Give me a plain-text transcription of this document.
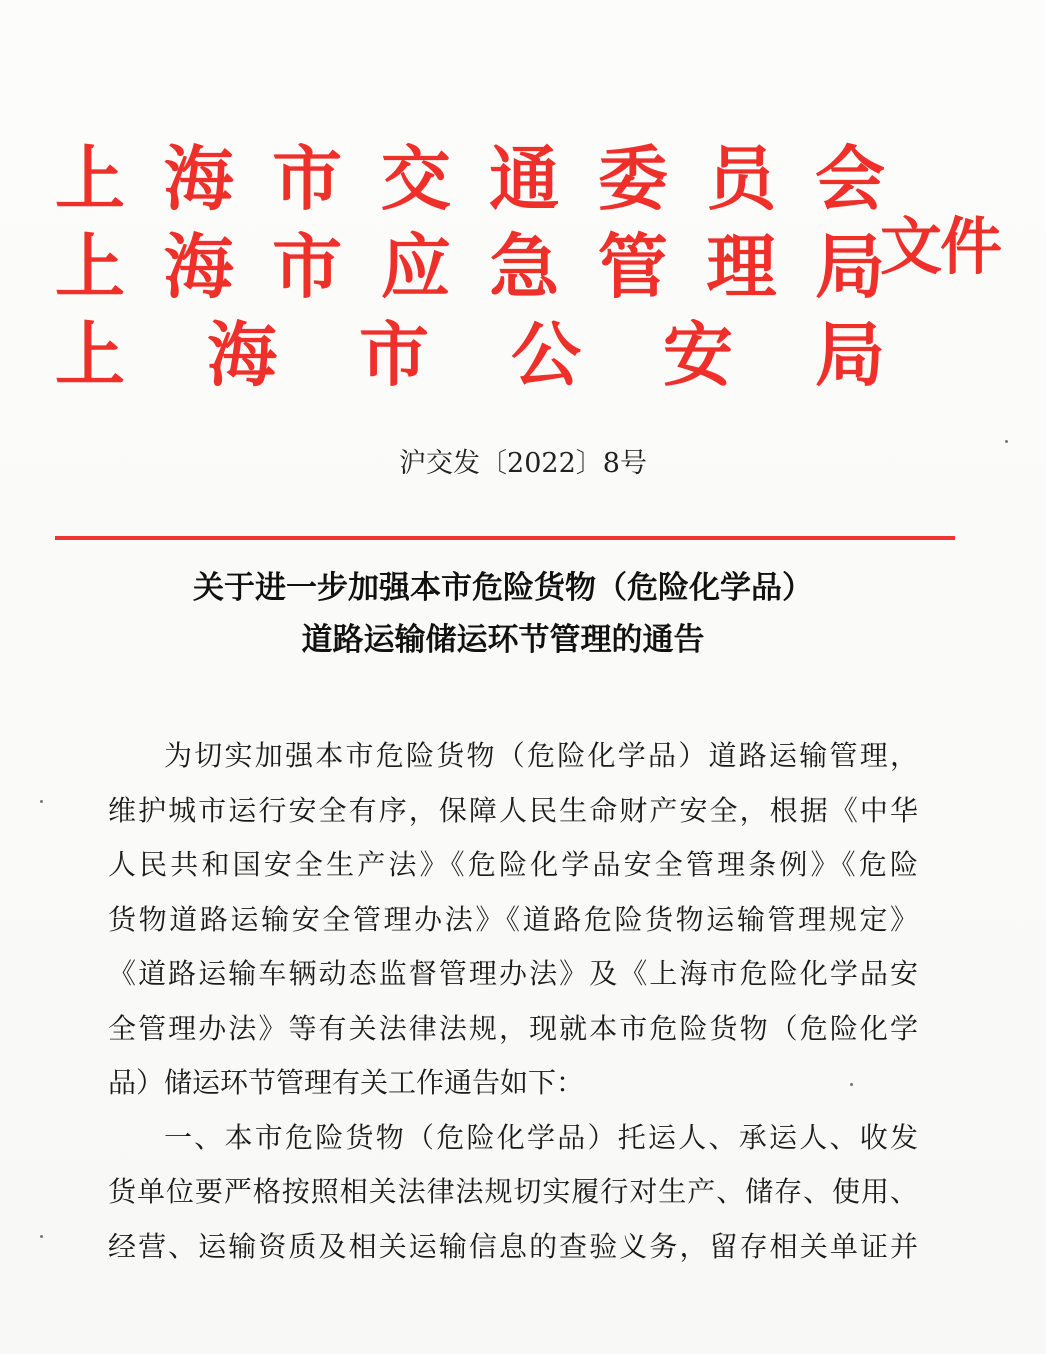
上 海 市 交 通 委 员 会
上 海 市 应 急 管 理 局
上 海 市 公 安 局
文件
沪交发〔2022〕8号
关于进一步加强本市危险货物（危险化学品）
道路运输储运环节管理的通告
为切实加强本市危险货物（危险化学品）道路运输管理，
维护城市运行安全有序，保障人民生命财产安全，根据《中华
人民共和国安全生产法》《危险化学品安全管理条例》《危险
货物道路运输安全管理办法》《道路危险货物运输管理规定》
《道路运输车辆动态监督管理办法》及《上海市危险化学品安
全管理办法》等有关法律法规，现就本市危险货物（危险化学
品）储运环节管理有关工作通告如下：
一、本市危险货物（危险化学品）托运人、承运人、收发
货单位要严格按照相关法律法规切实履行对生产、储存、使用、
经营、运输资质及相关运输信息的查验义务，留存相关单证并
